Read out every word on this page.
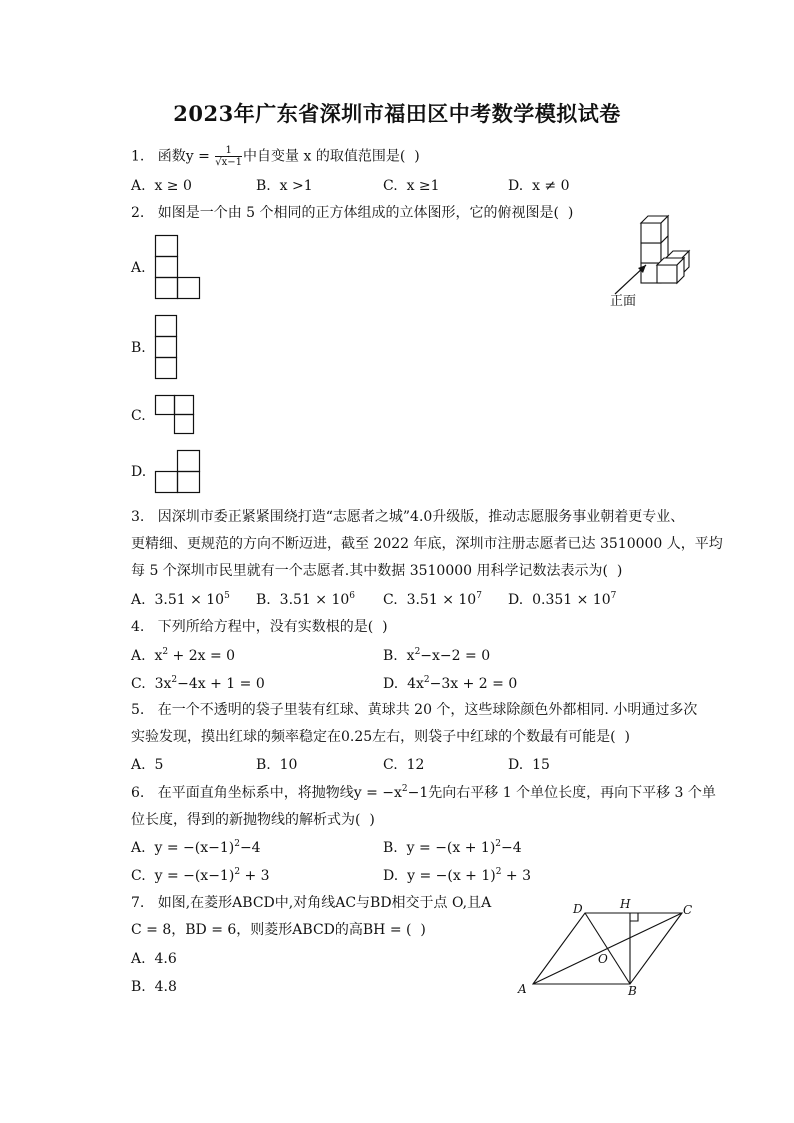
2023年广东省深圳市福田区中考数学模拟试卷
1. 函数$y = \frac{1}{√x-1}$ 中自变量 x 的取值范围是(  )
A.  x ≥ 0	B.  x >1	C.  x ≥1	D.  x ≠ 0
2. 如图是一个由 5 个相同的正方体组成的立体图形，它的俯视图是(  )
正面
A.
B.
C.
D.
3. 因深圳市委正紧紧围绕打造“志愿者之城”4.0升级版，推动志愿服务事业朝着更专业、
更精细、更规范的方向不断迈进，截至 2022 年底，深圳市注册志愿者已达 3510000 人，平均
每 5 个深圳市民里就有一个志愿者.其中数据 3510000 用科学记数法表示为(  )
A. $3.51 \times 10^5$ B. $3.51 \times 10^6$ C. $3.51 \times 10^7$ D. $0.351 \times 10^7$
4. 下列所给方程中，没有实数根的是(  )
A. $x^2 + 2x = 0$	B. $x^2-x-2 = 0$
C. $3x^2-4x + 1 = 0$	D. $4x^2-3x + 2 = 0$
5. 在一个不透明的袋子里装有红球、黄球共 20 个，这些球除颜色外都相同. 小明通过多次
实验发现，摸出红球的频率稳定在0.25左右，则袋子中红球的个数最有可能是(  )
A.  5	B.  10	C.  12	D.  15
6. 在平面直角坐标系中，将抛物线$y = -x^2-1$先向右平移 1 个单位长度，再向下平移 3 个单
位长度，得到的新抛物线的解析式为(  )
A. $y = -(x-1)^2-4$	B. $y = -(x + 1)^2-4$
C. $y = -(x-1)^2 + 3$	D. $y = -(x + 1)^2 + 3$
7. 如图,在菱形ABCD中,对角线AC与BD相交于点 O,且A
C = 8，BD = 6，则菱形ABCD的高BH = (  )
A.  4.6
B.  4.8	A	B
C
D	H
O
